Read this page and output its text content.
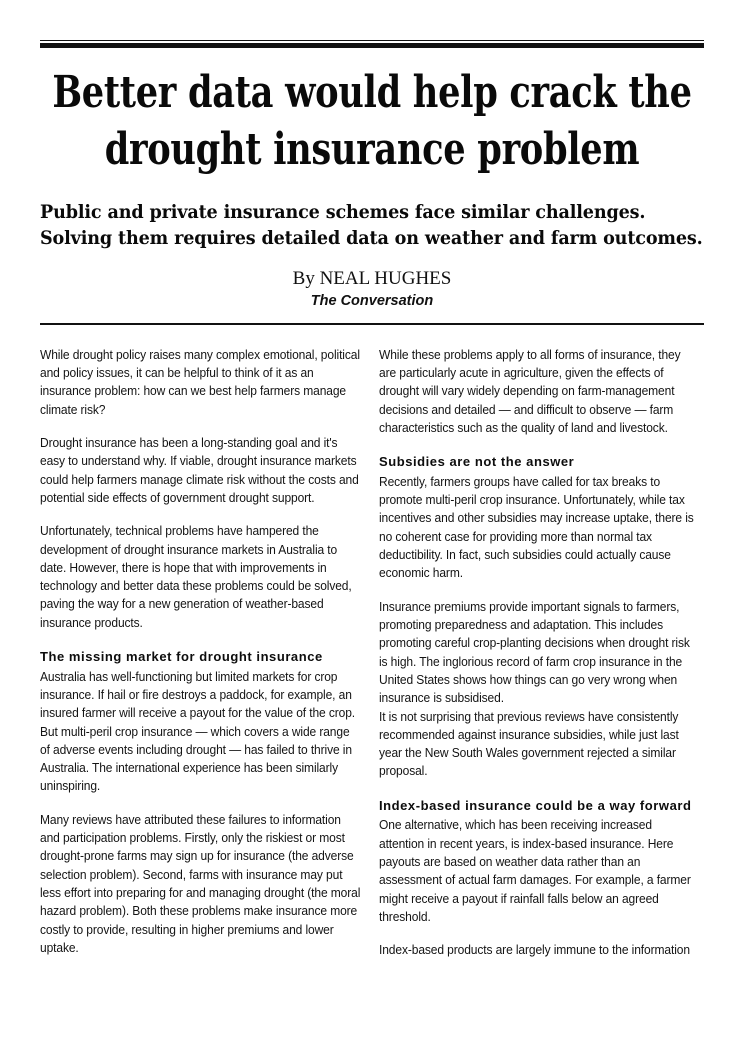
Better data would help crack the drought insurance problem
Public and private insurance schemes face similar challenges. Solving them requires detailed data on weather and farm outcomes.
By NEAL HUGHES
The Conversation

While drought policy raises many complex emotional, political and policy issues, it can be helpful to think of it as an insurance problem: how can we best help farmers manage climate risk?

Drought insurance has been a long-standing goal and it's easy to understand why. If viable, drought insurance markets could help farmers manage climate risk without the costs and potential side effects of government drought support.

Unfortunately, technical problems have hampered the development of drought insurance markets in Australia to date. However, there is hope that with improvements in technology and better data these problems could be solved, paving the way for a new generation of weather-based insurance products.

The missing market for drought insurance

Australia has well-functioning but limited markets for crop insurance. If hail or fire destroys a paddock, for example, an insured farmer will receive a payout for the value of the crop. But multi-peril crop insurance — which covers a wide range of adverse events including drought — has failed to thrive in Australia. The international experience has been similarly uninspiring.

Many reviews have attributed these failures to information and participation problems. Firstly, only the riskiest or most drought-prone farms may sign up for insurance (the adverse selection problem). Second, farms with insurance may put less effort into preparing for and managing drought (the moral hazard problem). Both these problems make insurance more costly to provide, resulting in higher premiums and lower uptake.

While these problems apply to all forms of insurance, they are particularly acute in agriculture, given the effects of drought will vary widely depending on farm-management decisions and detailed — and difficult to observe — farm characteristics such as the quality of land and livestock.

Subsidies are not the answer

Recently, farmers groups have called for tax breaks to promote multi-peril crop insurance. Unfortunately, while tax incentives and other subsidies may increase uptake, there is no coherent case for providing more than normal tax deductibility. In fact, such subsidies could actually cause economic harm.

Insurance premiums provide important signals to farmers, promoting preparedness and adaptation. This includes promoting careful crop-planting decisions when drought risk is high. The inglorious record of farm crop insurance in the United States shows how things can go very wrong when insurance is subsidised.

It is not surprising that previous reviews have consistently recommended against insurance subsidies, while just last year the New South Wales government rejected a similar proposal.

Index-based insurance could be a way forward

One alternative, which has been receiving increased attention in recent years, is index-based insurance. Here payouts are based on weather data rather than an assessment of actual farm damages. For example, a farmer might receive a payout if rainfall falls below an agreed threshold.

Index-based products are largely immune to the information
